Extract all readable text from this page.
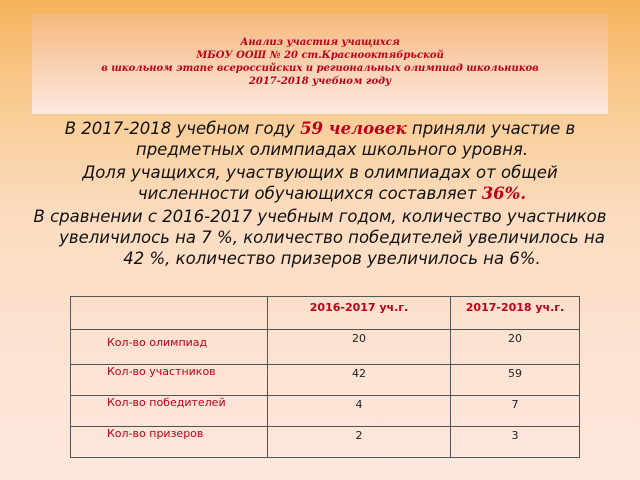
Анализ участия учащихся
МБОУ ООШ № 20 ст.Краснооктябрьской
в школьном этапе всероссийских и региональных олимпиад школьников
2017-2018 учебном году

В 2017-2018 учебном году 59 человек приняли участие в предметных олимпиадах школьного уровня.

Доля учащихся, участвующих в олимпиадах от общей численности обучающихся составляет 36%.

В сравнении с 2016-2017 учебным годом, количество участников увеличилось на 7 %, количество победителей увеличилось на 42 %, количество призеров увеличилось на 6%.

	2016-2017 уч.г.	2017-2018 уч.г.
Кол-во олимпиад	20	20
Кол-во участников	42	59
Кол-во победителей	4	7
Кол-во призеров	2	3
